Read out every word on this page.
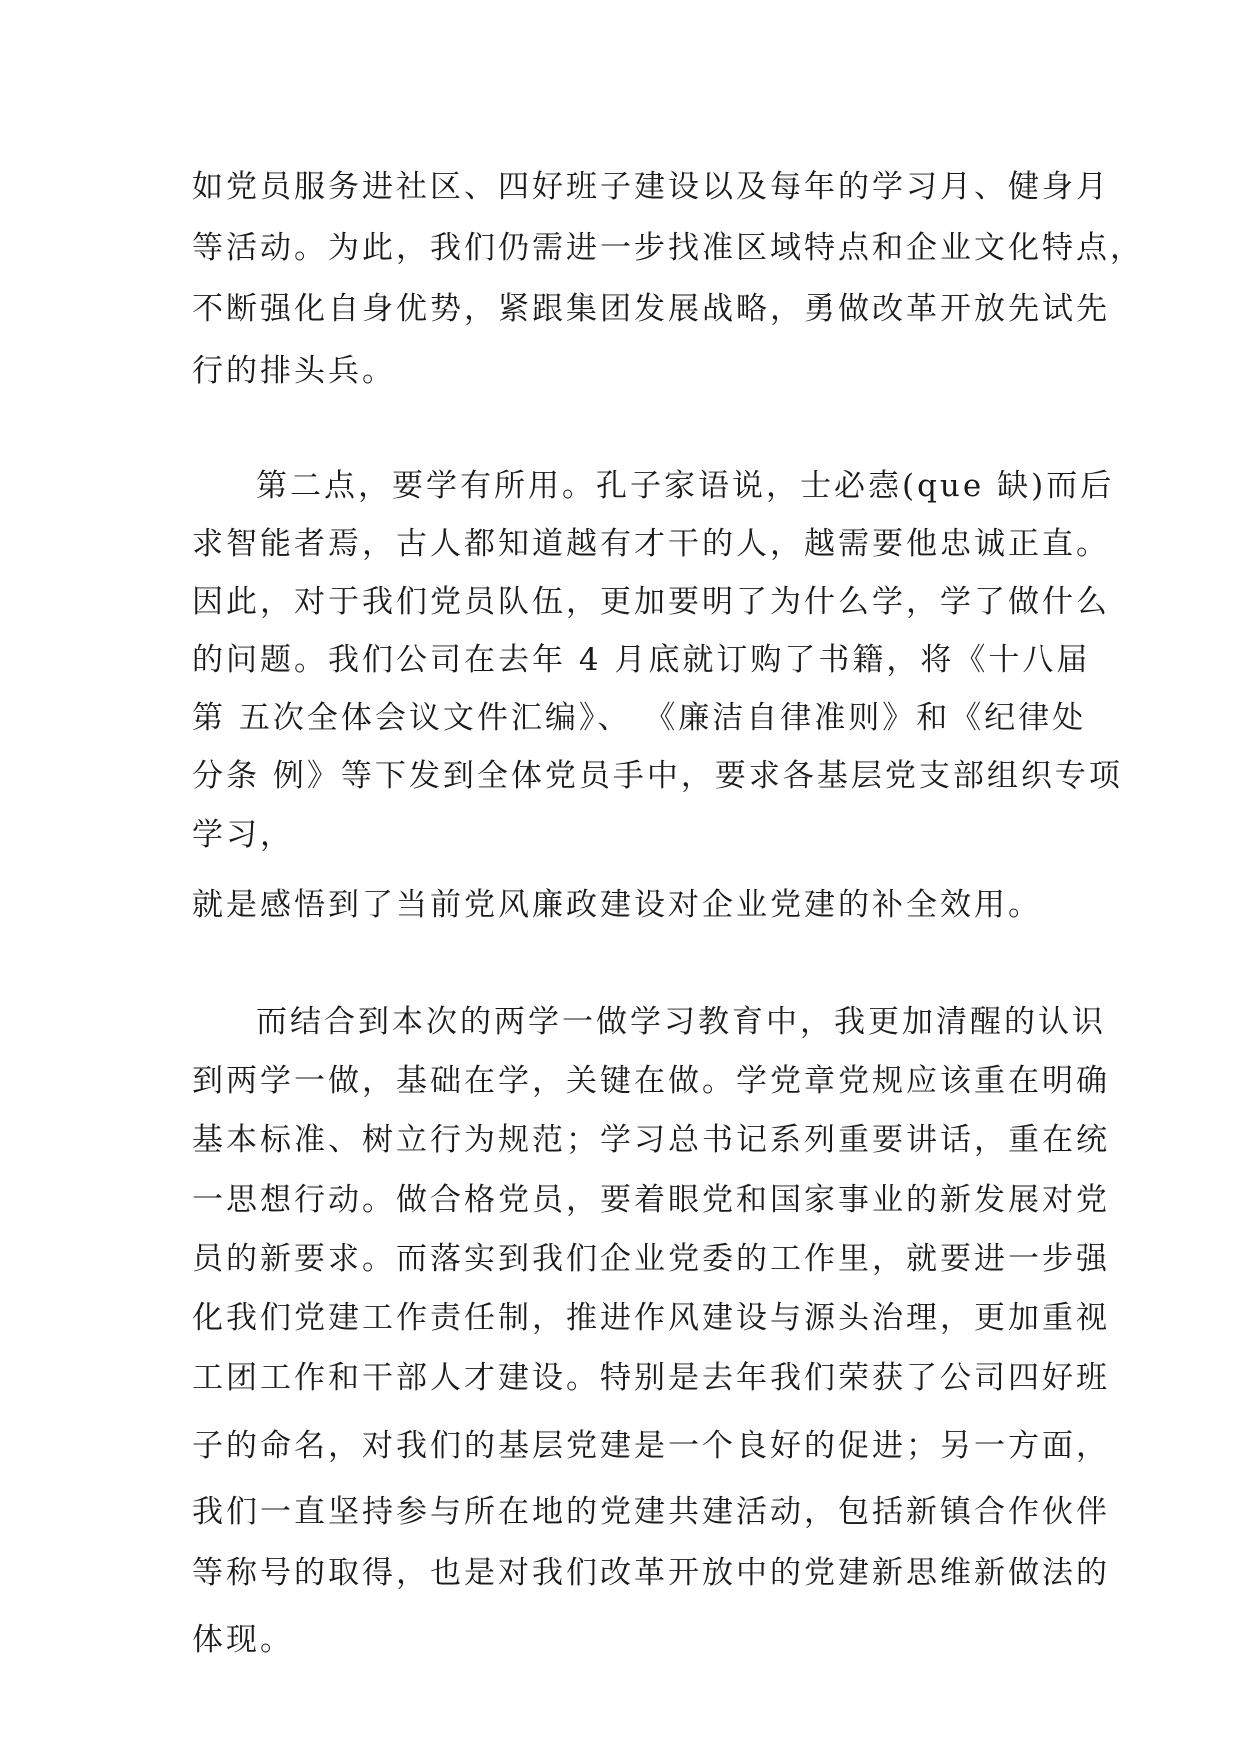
如党员服务进社区、四好班子建设以及每年的学习月、健身月
等活动。为此，我们仍需进一步找准区域特点和企业文化特点，
不断强化自身优势，紧跟集团发展战略，勇做改革开放先试先
行的排头兵。
第二点，要学有所用。孔子家语说，士必悫(que 缺)而后
求智能者焉，古人都知道越有才干的人，越需要他忠诚正直。
因此，对于我们党员队伍，更加要明了为什么学，学了做什么
的问题。我们公司在去年 4 月底就订购了书籍，将《十八届
第 五次全体会议文件汇编》、 《廉洁自律准则》和《纪律处
分条 例》等下发到全体党员手中，要求各基层党支部组织专项
学习，
就是感悟到了当前党风廉政建设对企业党建的补全效用。
而结合到本次的两学一做学习教育中，我更加清醒的认识
到两学一做，基础在学，关键在做。学党章党规应该重在明确
基本标准、树立行为规范；学习总书记系列重要讲话，重在统
一思想行动。做合格党员，要着眼党和国家事业的新发展对党
员的新要求。而落实到我们企业党委的工作里，就要进一步强
化我们党建工作责任制，推进作风建设与源头治理，更加重视
工团工作和干部人才建设。特别是去年我们荣获了公司四好班
子的命名，对我们的基层党建是一个良好的促进；另一方面，
我们一直坚持参与所在地的党建共建活动，包括新镇合作伙伴
等称号的取得，也是对我们改革开放中的党建新思维新做法的
体现。
